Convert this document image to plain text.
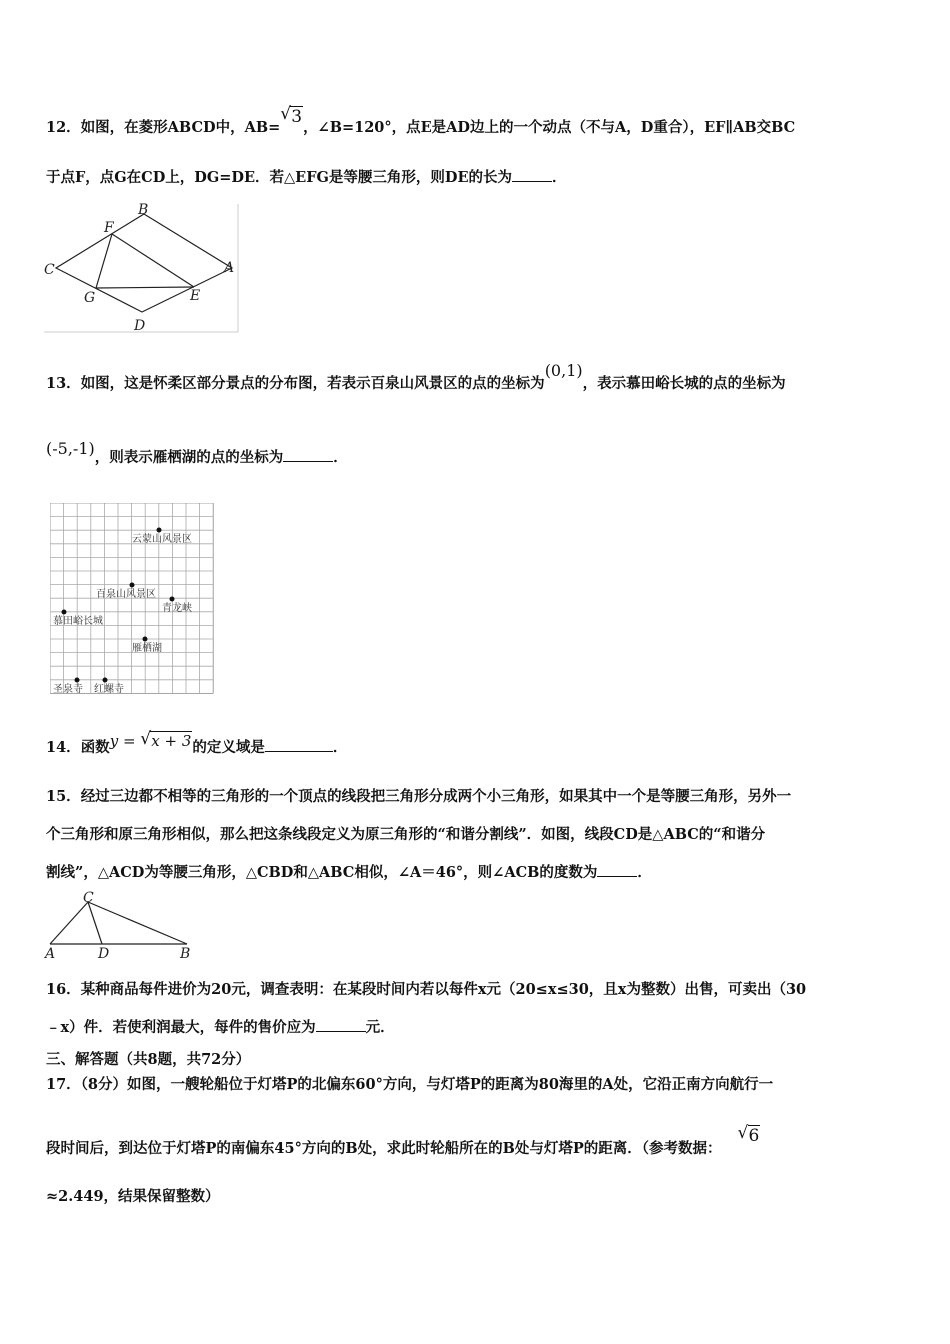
12．如图，在菱形ABCD中，AB=
√ 3，∠B=120°，点E是AD边上的一个动点（不与A，D重合），EF∥AB交BC
于点F，点G在CD上，DG=DE．若△EFG是等腰三角形，则DE的长为	．
B
F
C	A
G	E
D
13．如图，这是怀柔区部分景点的分布图，若表示百泉山风景区的点的坐标为(0,1)，表示慕田峪长城的点的坐标为
(-5,-1)，则表示雁栖湖的点的坐标为	．
云蒙山风景区
百泉山风景区
青龙峡
慕田峪长城
雁栖湖
圣泉寺 红螺寺
14．函数y = √ x + 3的定义域是	．
15．经过三边都不相等的三角形的一个顶点的线段把三角形分成两个小三角形，如果其中一个是等腰三角形，另外一
个三角形和原三角形相似，那么把这条线段定义为原三角形的“和谐分割线”．如图，线段CD是△ABC的“和谐分
割线”，△ACD为等腰三角形，△CBD和△ABC相似，∠A＝46°，则∠ACB的度数为	．
C
A	D	B
16．某种商品每件进价为20元，调查表明：在某段时间内若以每件x元（20≤x≤30，且x为整数）出售，可卖出（30
﹣x）件．若使利润最大，每件的售价应为	元．
三、解答题（共8题，共72分）
17．（8分）如图，一艘轮船位于灯塔P的北偏东60°方向，与灯塔P的距离为80海里的A处，它沿正南方向航行一
段时间后，到达位于灯塔P的南偏东45°方向的B处，求此时轮船所在的B处与灯塔P的距离．（参考数据：
√ 6
≈2.449，结果保留整数）
